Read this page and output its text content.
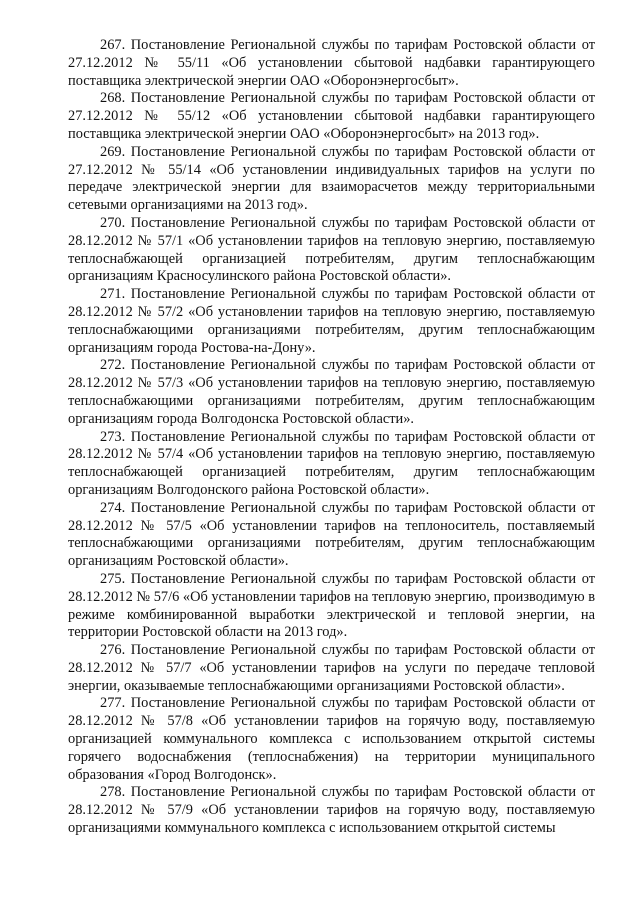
267. Постановление Региональной службы по тарифам Ростовской области от 27.12.2012 № 55/11 «Об установлении сбытовой надбавки гарантирующего поставщика электрической энергии ОАО «Оборонэнергосбыт».

268. Постановление Региональной службы по тарифам Ростовской области от 27.12.2012 № 55/12 «Об установлении сбытовой надбавки гарантирующего поставщика электрической энергии ОАО «Оборонэнергосбыт» на 2013 год».

269. Постановление Региональной службы по тарифам Ростовской области от 27.12.2012 № 55/14 «Об установлении индивидуальных тарифов на услуги по передаче электрической энергии для взаиморасчетов между территориальными сетевыми организациями на 2013 год».

270. Постановление Региональной службы по тарифам Ростовской области от 28.12.2012 № 57/1 «Об установлении тарифов на тепловую энергию, поставляемую теплоснабжающей организацией потребителям, другим теплоснабжающим организациям Красносулинского района Ростовской области».

271. Постановление Региональной службы по тарифам Ростовской области от 28.12.2012 № 57/2 «Об установлении тарифов на тепловую энергию, поставляемую теплоснабжающими организациями потребителям, другим теплоснабжающим организациям города Ростова-на-Дону».

272. Постановление Региональной службы по тарифам Ростовской области от 28.12.2012 № 57/3 «Об установлении тарифов на тепловую энергию, поставляемую теплоснабжающими организациями потребителям, другим теплоснабжающим организациям города Волгодонска Ростовской области».

273. Постановление Региональной службы по тарифам Ростовской области от 28.12.2012 № 57/4 «Об установлении тарифов на тепловую энергию, поставляемую теплоснабжающей организацией потребителям, другим теплоснабжающим организациям Волгодонского района Ростовской области».

274. Постановление Региональной службы по тарифам Ростовской области от 28.12.2012 № 57/5 «Об установлении тарифов на теплоноситель, поставляемый теплоснабжающими организациями потребителям, другим теплоснабжающим организациям Ростовской области».

275. Постановление Региональной службы по тарифам Ростовской области от 28.12.2012 № 57/6 «Об установлении тарифов на тепловую энергию, производимую в режиме комбинированной выработки электрической и тепловой энергии, на территории Ростовской области на 2013 год».

276. Постановление Региональной службы по тарифам Ростовской области от 28.12.2012 № 57/7 «Об установлении тарифов на услуги по передаче тепловой энергии, оказываемые теплоснабжающими организациями Ростовской области».

277. Постановление Региональной службы по тарифам Ростовской области от 28.12.2012 № 57/8 «Об установлении тарифов на горячую воду, поставляемую организацией коммунального комплекса с использованием открытой системы горячего водоснабжения (теплоснабжения) на территории муниципального образования «Город Волгодонск».

278. Постановление Региональной службы по тарифам Ростовской области от 28.12.2012 № 57/9 «Об установлении тарифов на горячую воду, поставляемую организациями коммунального комплекса с использованием открытой системы
